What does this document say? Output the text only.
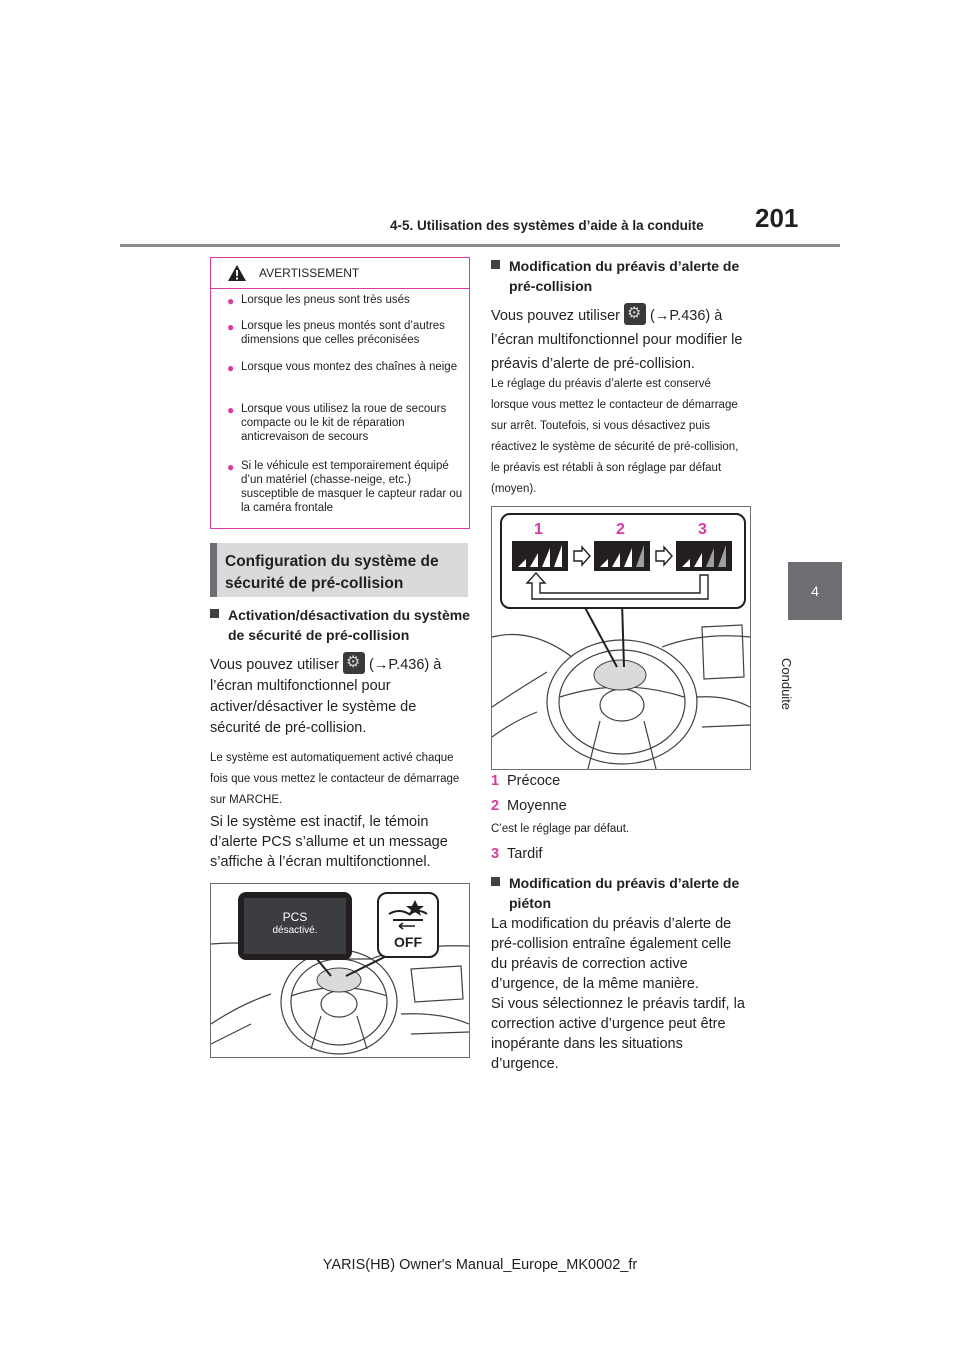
4-5. Utilisation des systèmes d’aide à la conduite 201
4
Conduite
AVERTISSEMENT
● Lorsque les pneus sont très usés
● Lorsque les pneus montés sont d’autres dimensions que celles préconisées
● Lorsque vous montez des chaînes à neige
● Lorsque vous utilisez la roue de secours compacte ou le kit de réparation anticrevaison de secours
● Si le véhicule est temporairement équipé d’un matériel (chasse-neige, etc.) susceptible de masquer le capteur radar ou la caméra frontale
Configuration du système de sécurité de pré-collision
Activation/désactivation du système de sécurité de pré-collision
Vous pouvez utiliser ⚙ (→P.436) à l’écran multifonctionnel pour activer/désactiver le système de sécurité de pré-collision.
Le système est automatiquement activé chaque fois que vous mettez le contacteur de démarrage sur MARCHE.
Si le système est inactif, le témoin d’alerte PCS s’allume et un message s’affiche à l’écran multifonctionnel.
PCS
désactivé.
OFF
Modification du préavis d’alerte de pré-collision
Vous pouvez utiliser ⚙ (→P.436) à l’écran multifonctionnel pour modifier le préavis d’alerte de pré-collision.
Le réglage du préavis d’alerte est conservé lorsque vous mettez le contacteur de démarrage sur arrêt. Toutefois, si vous désactivez puis réactivez le système de sécurité de pré-collision, le préavis est rétabli à son réglage par défaut (moyen).
1	2	3
1 Précoce
2 Moyenne
C’est le réglage par défaut.
3 Tardif
Modification du préavis d’alerte de piéton
La modification du préavis d’alerte de pré-collision entraîne également celle du préavis de correction active d’urgence, de la même manière.
Si vous sélectionnez le préavis tardif, la correction active d’urgence peut être inopérante dans les situations d’urgence.
YARIS(HB) Owner's Manual_Europe_MK0002_fr
